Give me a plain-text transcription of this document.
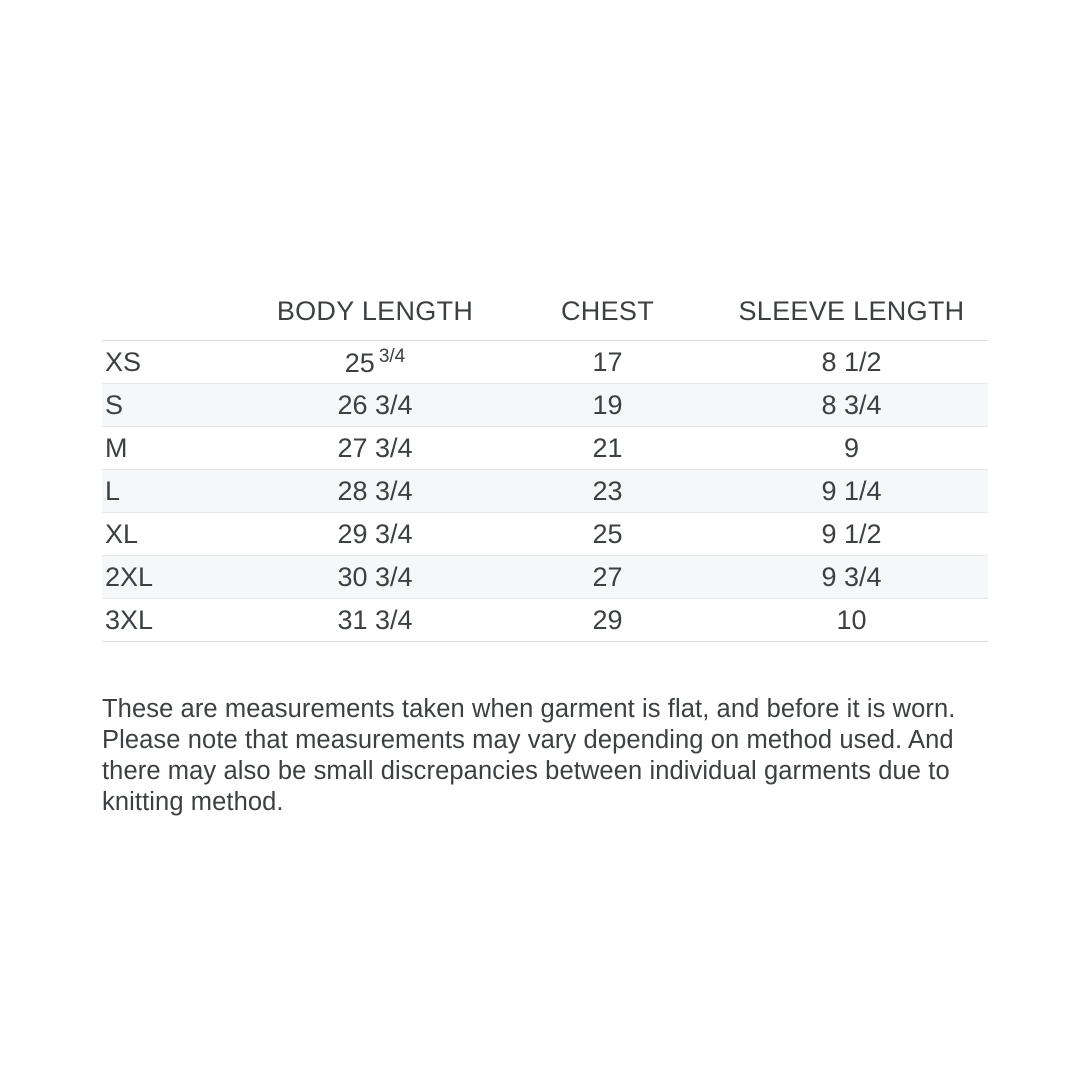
	BODY LENGTH	CHEST	SLEEVE LENGTH
XS	25 $^{3/4}$	17	8 1/2
S	26 3/4	19	8 3/4
M	27 3/4	21	9
L	28 3/4	23	9 1/4
XL	29 3/4	25	9 1/2
2XL	30 3/4	27	9 3/4
3XL	31 3/4	29	10

These are measurements taken when garment is flat, and before it is worn. Please note that measurements may vary depending on method used. And there may also be small discrepancies between individual garments due to knitting method.
